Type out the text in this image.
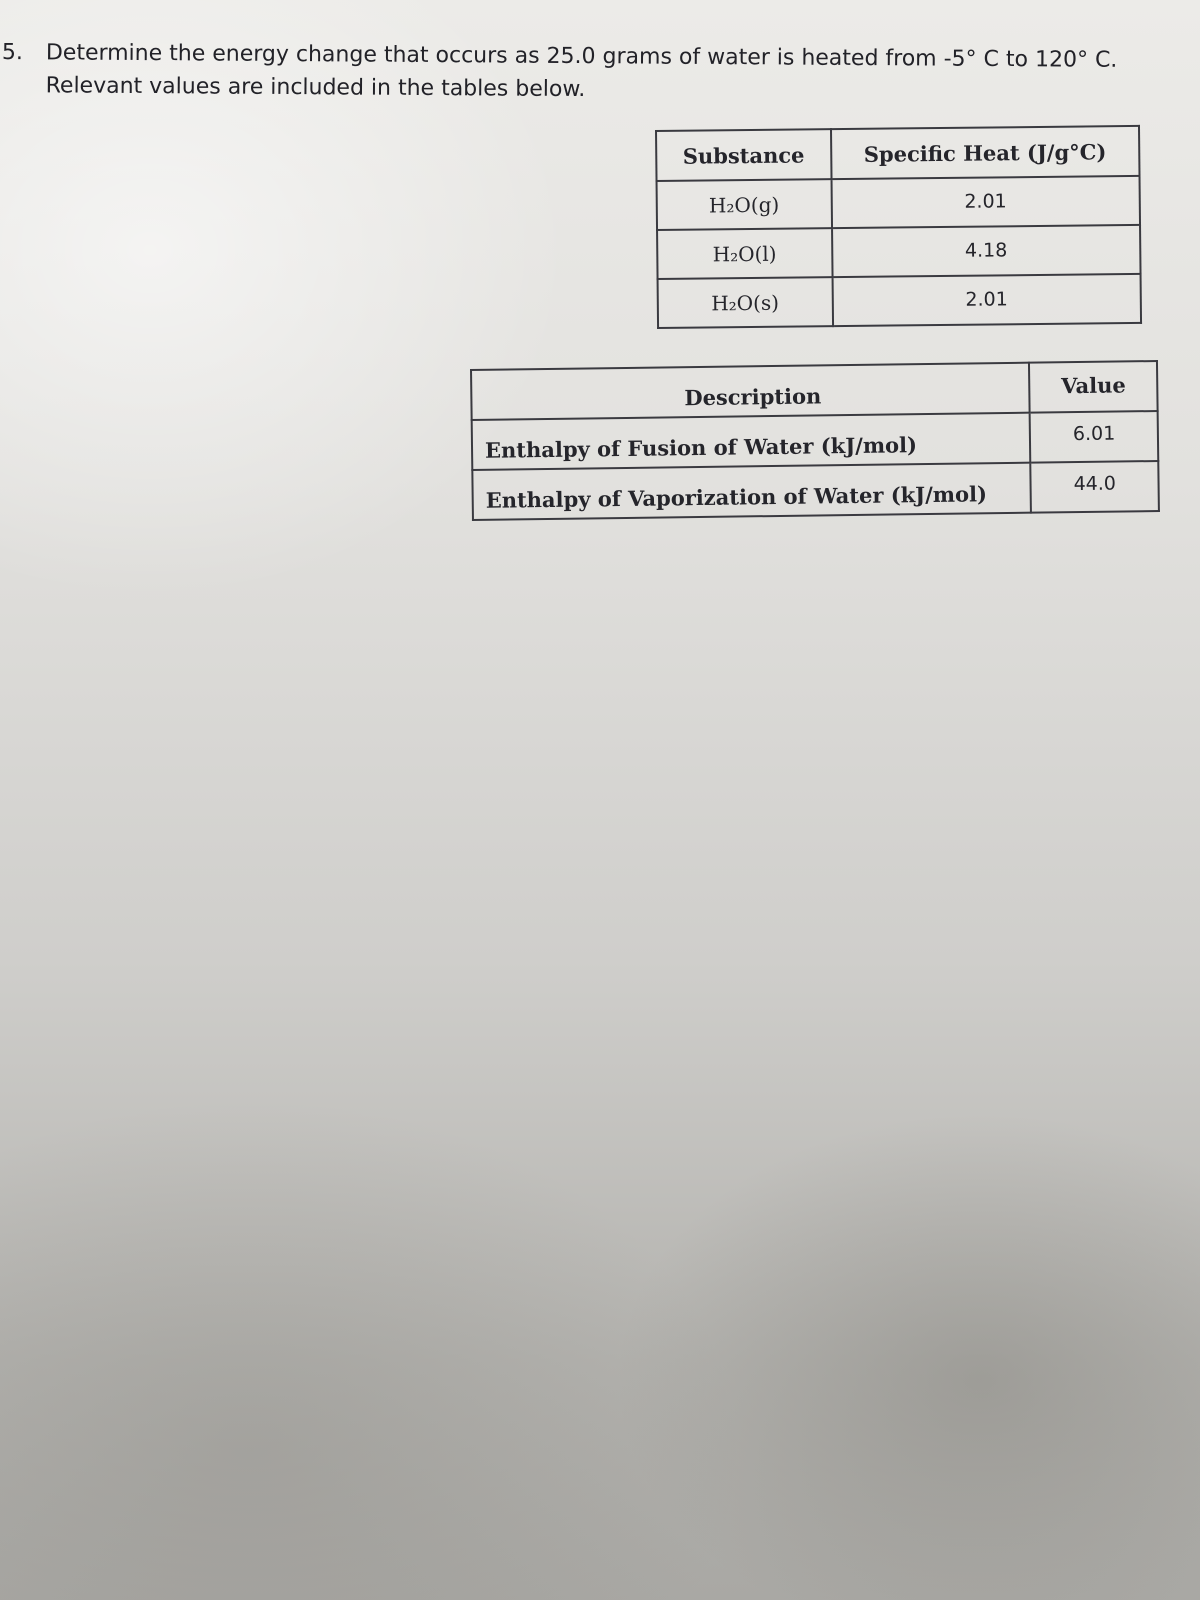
5. Determine the energy change that occurs as 25.0 grams of water is heated from -5° C to 120° C.
Relevant values are included in the tables below.
Substance	Specific Heat (J/g°C)
H₂O(g)	2.01
H₂O(l)	4.18
H₂O(s)	2.01
Description	Value
Enthalpy of Fusion of Water (kJ/mol)	6.01
Enthalpy of Vaporization of Water (kJ/mol)	44.0
